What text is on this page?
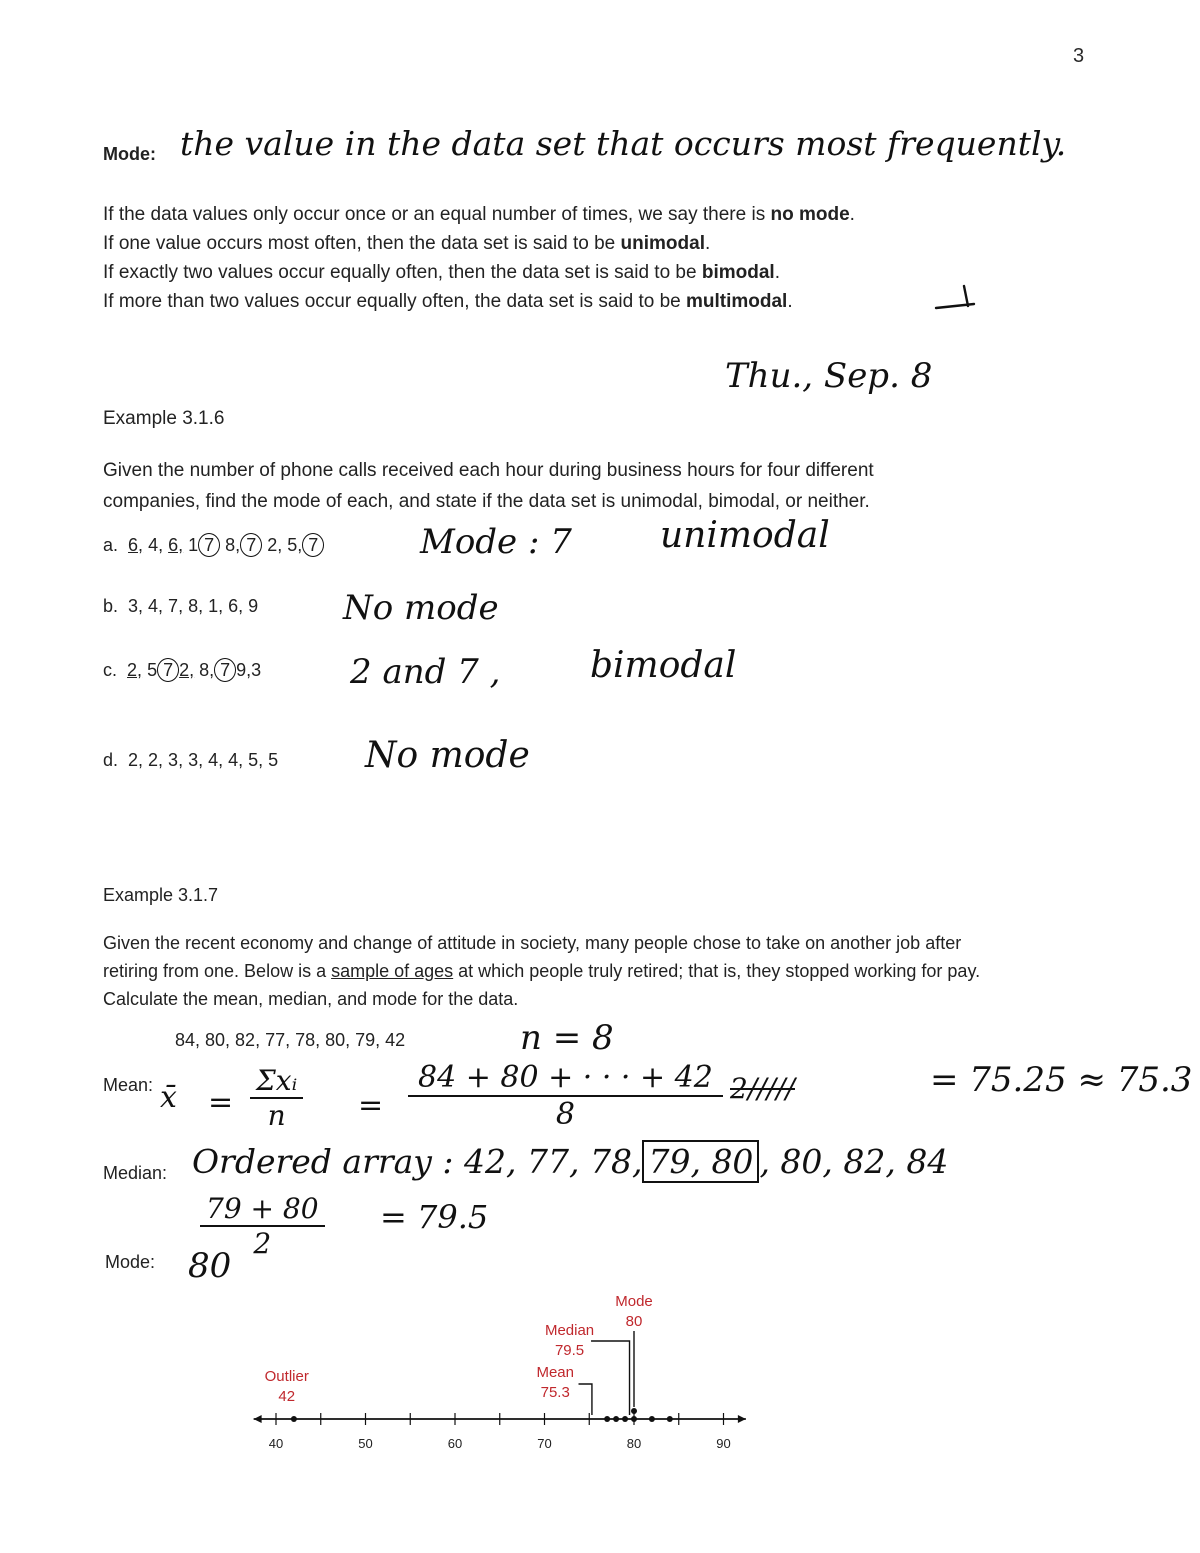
3
Mode: the value in the data set that occurs most frequently.
If the data values only occur once or an equal number of times, we say there is no mode.
If one value occurs most often, then the data set is said to be unimodal.
If exactly two values occur equally often, then the data set is said to be bimodal.
If more than two values occur equally often, the data set is said to be multimodal.
Thu., Sep. 8
Example 3.1.6
Given the number of phone calls received each hour during business hours for four different
companies, find the mode of each, and state if the data set is unimodal, bimodal, or neither.
a. 6, 4, 6, 1 7 8, 7 2, 5, 7	Mode : 7 unimodal
b. 3, 4, 7, 8, 1, 6, 9 No mode
c. 2, 5 7 2, 8, 7 9,3	2 and 7 , bimodal
d. 2, 2, 3, 3, 4, 4, 5, 5 No mode
Example 3.1.7
Given the recent economy and change of attitude in society, many people chose to take on another job after
retiring from one. Below is a sample of ages at which people truly retired; that is, they stopped working for pay.
Calculate the mean, median, and mode for the data.
84, 80, 82, 77, 78, 80, 79, 42	n = 8
Mean: x̄ = $\frac{\text{Σxᵢ}}{n} = \frac{84 + 80 + \cdot \cdot \cdot + 42}{8} 2/////$	= 75.25 ≈ 75.3
Median: Ordered array : 42, 77, 78, 79, 80 , 80, 82, 84
$\frac{79 + 80}{2} = 79.5$
Mode: 80
40	50	60	70	80	90
Outlier
42
Mean
75.3
Median
79.5
Mode
80
